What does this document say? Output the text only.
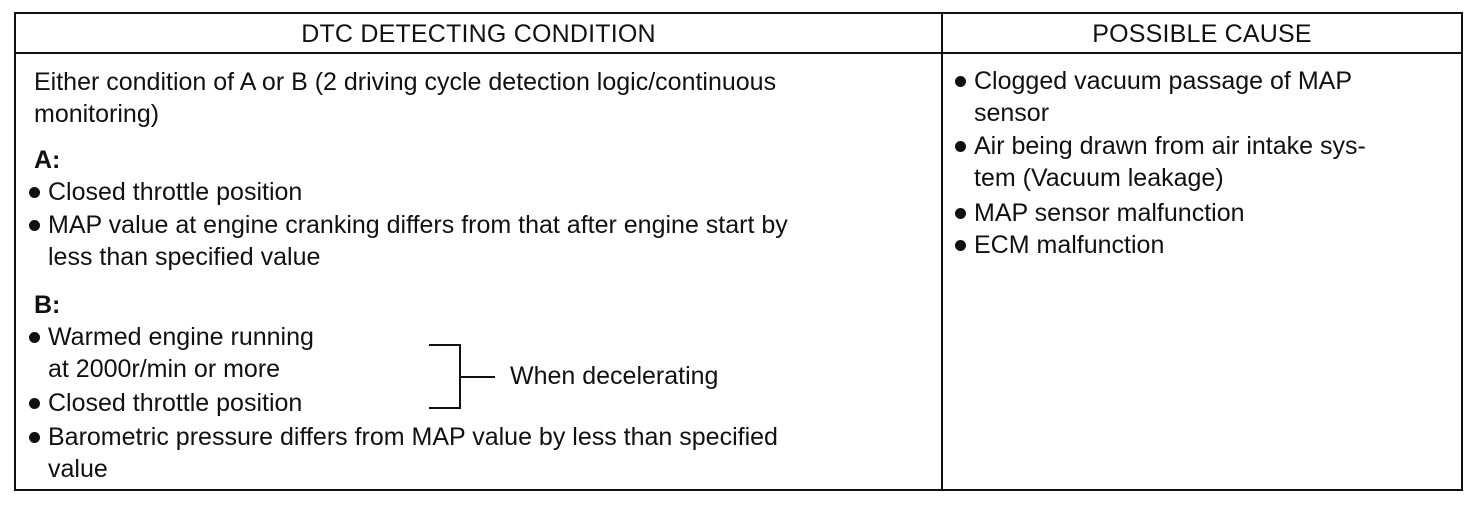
DTC DETECTING CONDITION	POSSIBLE CAUSE
Either condition of A or B (2 driving cycle detection logic/continuous
monitoring)
A:
Closed throttle position
MAP value at engine cranking differs from that after engine start by
less than specified value
B:
Warmed engine running
at 2000r/min or more
Closed throttle position
When decelerating
Barometric pressure differs from MAP value by less than specified
value
Clogged vacuum passage of MAP
sensor
Air being drawn from air intake sys-
tem (Vacuum leakage)
MAP sensor malfunction
ECM malfunction
